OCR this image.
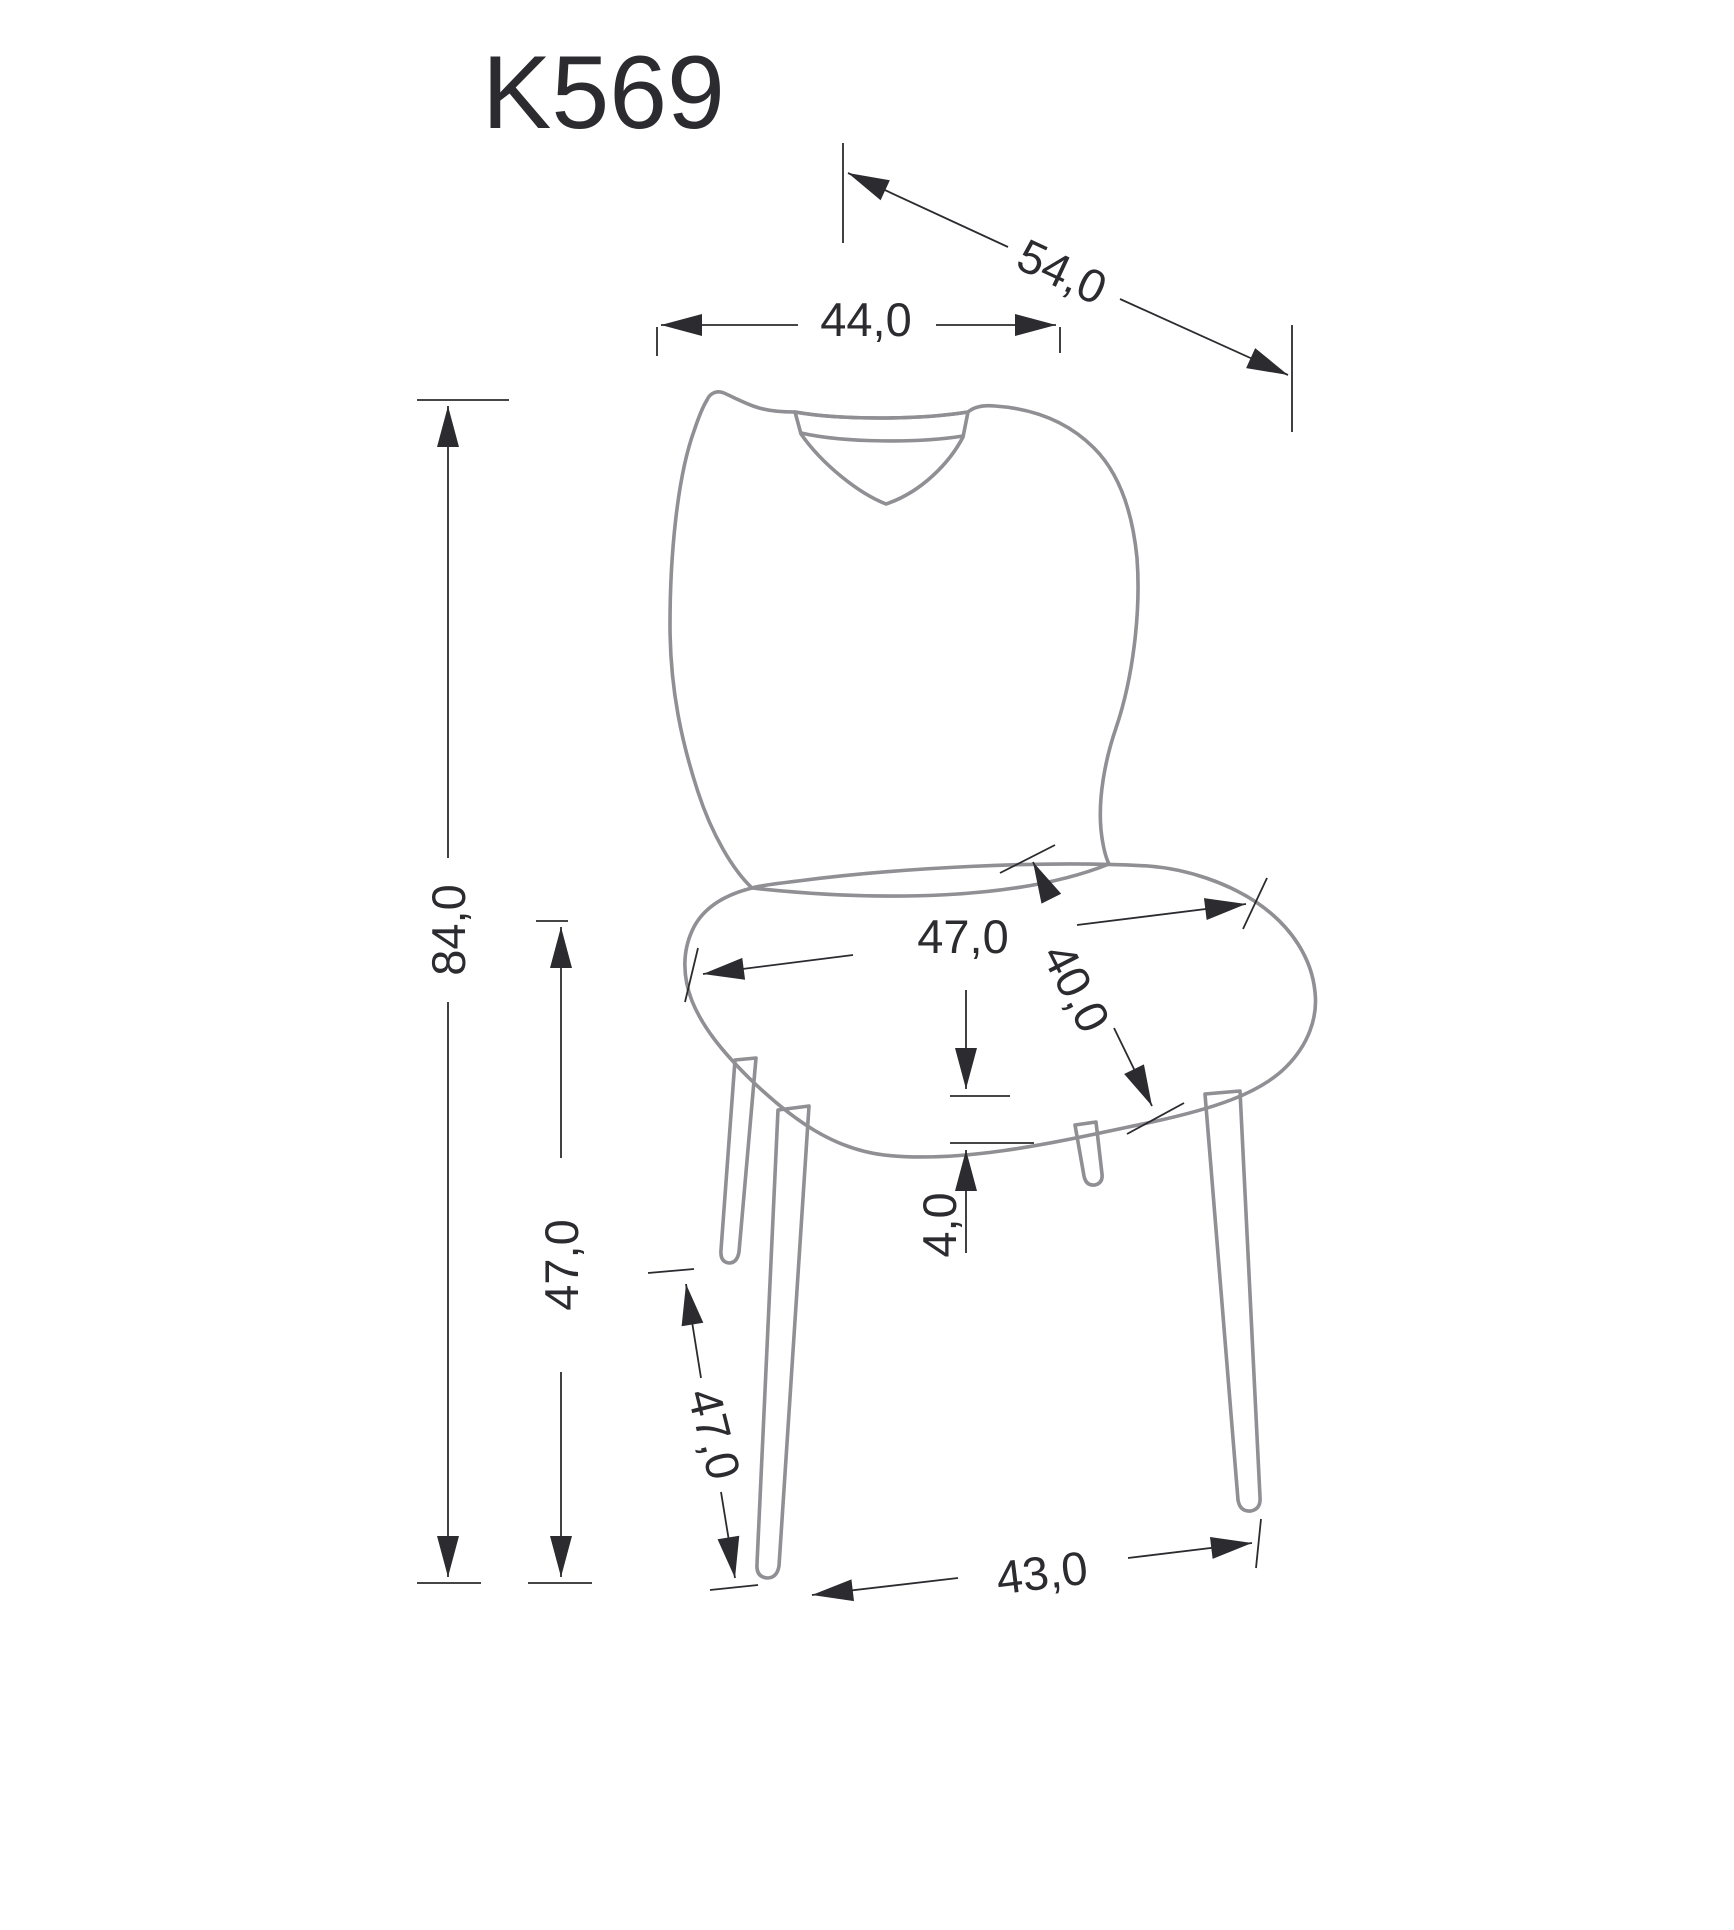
K569
54,0
44,0
84,0
47,0
47,0 40,0
4,0
47,0
43,0
